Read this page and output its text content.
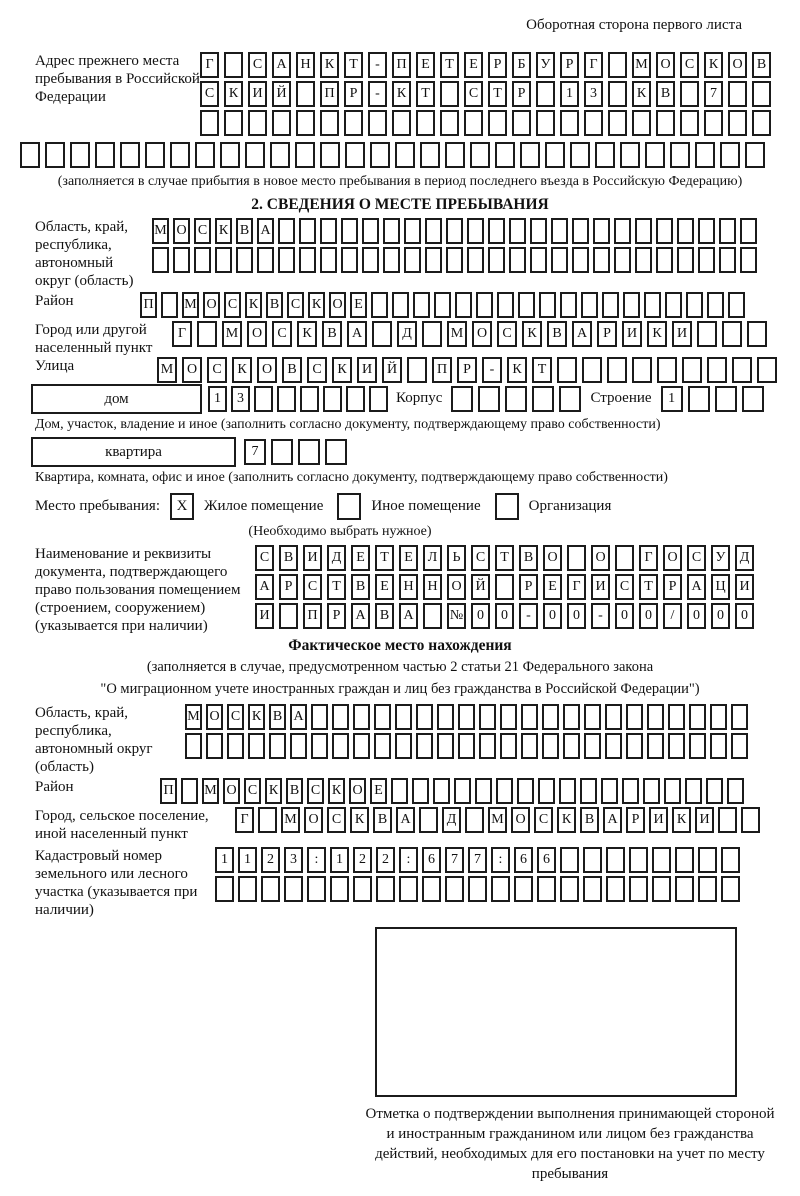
Оборотная сторона первого листа
Адрес прежнего места пребывания в Российской Федерации
Г	С	А Н	К	Т	-	П	Е	Т	Е	Р	Б	У	Р	Г	М О	С	К	О	В
С	К	И Й	П	Р	-	К	Т	С	Т	Р	1	3	К	В	7
(заполняется в случае прибытия в новое место пребывания в период последнего въезда в Российскую Федерацию)
2. СВЕДЕНИЯ О МЕСТЕ ПРЕБЫВАНИЯ
Область, край, республика, автономный округ (область)
М О С К В А
Район	П М О С К В С К О Е
Город или другой населенный пункт
Г	М О	С	К	В	А	Д	М О	С	К	В	А	Р	И	К	И
Улица	М О	С	К	О	В	С	К	И	Й	П	Р	-	К	Т
дом	1	3	Корпус	Строение	1
Дом, участок, владение и иное (заполнить согласно документу, подтверждающему право собственности)
квартира	7
Квартира, комната, офис и иное (заполнить согласно документу, подтверждающему право собственности)
Место пребывания:	X	Жилое помещение	Иное помещение	Организация
(Необходимо выбрать нужное)
Наименование и реквизиты документа, подтверждающего право пользования помещением (строением, сооружением) (указывается при наличии)
С	В	И	Д	Е	Т	Е	Л	Ь	С	Т	В	О	О	Г	О	С	У	Д
А	Р	С	Т	В	Е	Н Н О Й	Р	Е	Г	И	С	Т	Р	А Ц И
И	П	Р	А	В	А	№ 0	0	-	0	0	-	0	0	/	0	0	0
Фактическое место нахождения
(заполняется в случае, предусмотренном частью 2 статьи 21 Федерального закона
"О миграционном учете иностранных граждан и лиц без гражданства в Российской Федерации")
Область, край, республика, автономный округ (область)
М О С К В А
Район	П М О С К В С К О Е
Город, сельское поселение, иной населенный пункт
Г	М О С К В А	Д	М О С К В А	Р	И К И
Кадастровый номер земельного или лесного участка (указывается при наличии)
1	1	2	3	:	1	2	2	:	6	7	7	:	6	6
Отметка о подтверждении выполнения принимающей стороной и иностранным гражданином или лицом без гражданства действий, необходимых для его постановки на учет по месту пребывания
